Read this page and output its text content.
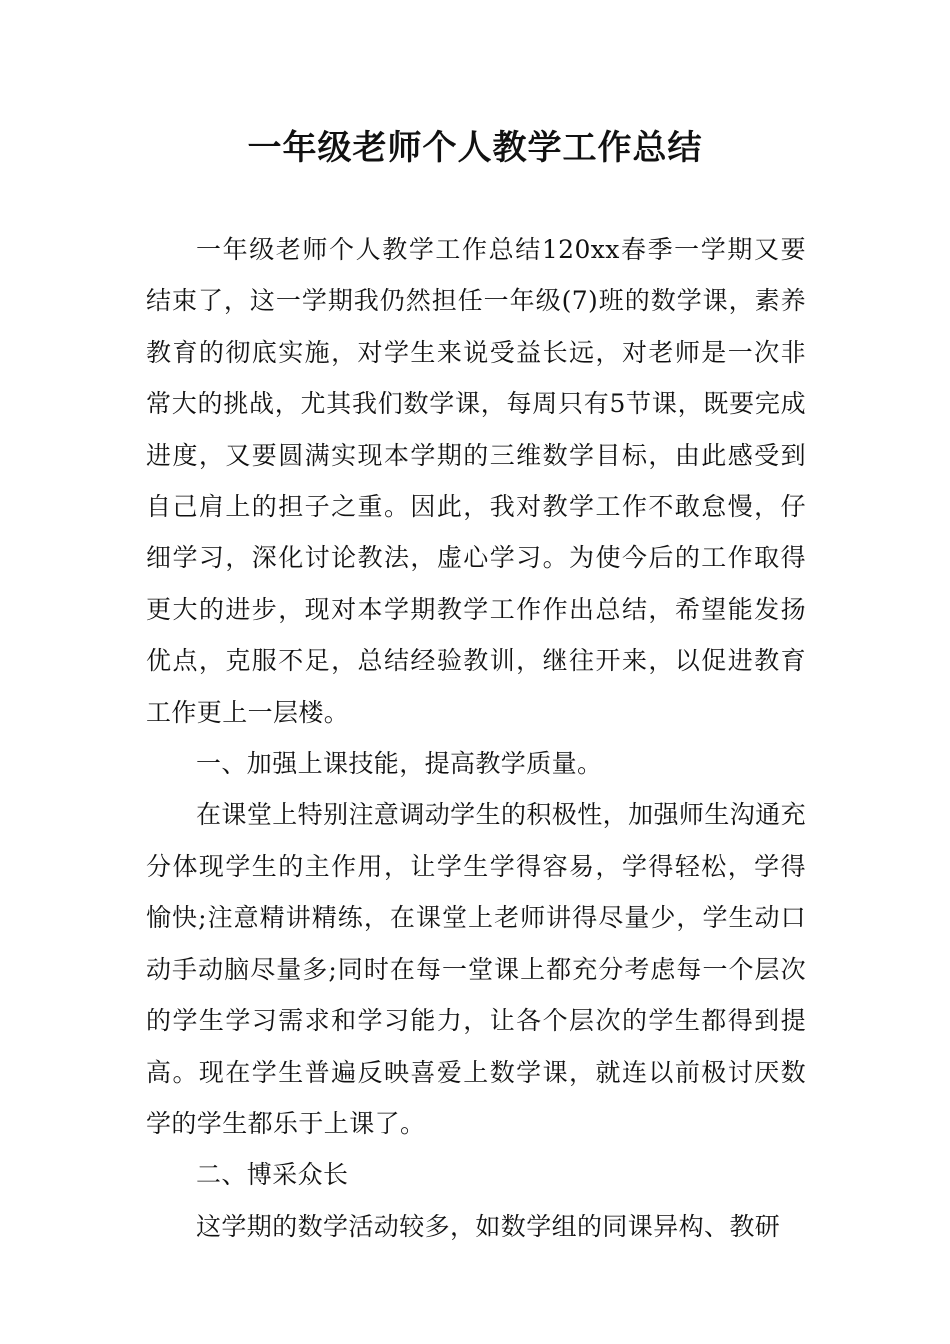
一年级老师个人教学工作总结

一年级老师个人教学工作总结120xx春季一学期又要结束了，这一学期我仍然担任一年级(7)班的数学课，素养教育的彻底实施，对学生来说受益长远，对老师是一次非常大的挑战，尤其我们数学课，每周只有5节课，既要完成进度，又要圆满实现本学期的三维数学目标，由此感受到自己肩上的担子之重。因此，我对教学工作不敢怠慢，仔细学习，深化讨论教法，虚心学习。为使今后的工作取得更大的进步，现对本学期教学工作作出总结，希望能发扬优点，克服不足，总结经验教训，继往开来，以促进教育工作更上一层楼。

一、加强上课技能，提高教学质量。

在课堂上特别注意调动学生的积极性，加强师生沟通充分体现学生的主作用，让学生学得容易，学得轻松，学得愉快;注意精讲精练，在课堂上老师讲得尽量少，学生动口动手动脑尽量多;同时在每一堂课上都充分考虑每一个层次的学生学习需求和学习能力，让各个层次的学生都得到提高。现在学生普遍反映喜爱上数学课，就连以前极讨厌数学的学生都乐于上课了。

二、博采众长

这学期的数学活动较多，如数学组的同课异构、教研
